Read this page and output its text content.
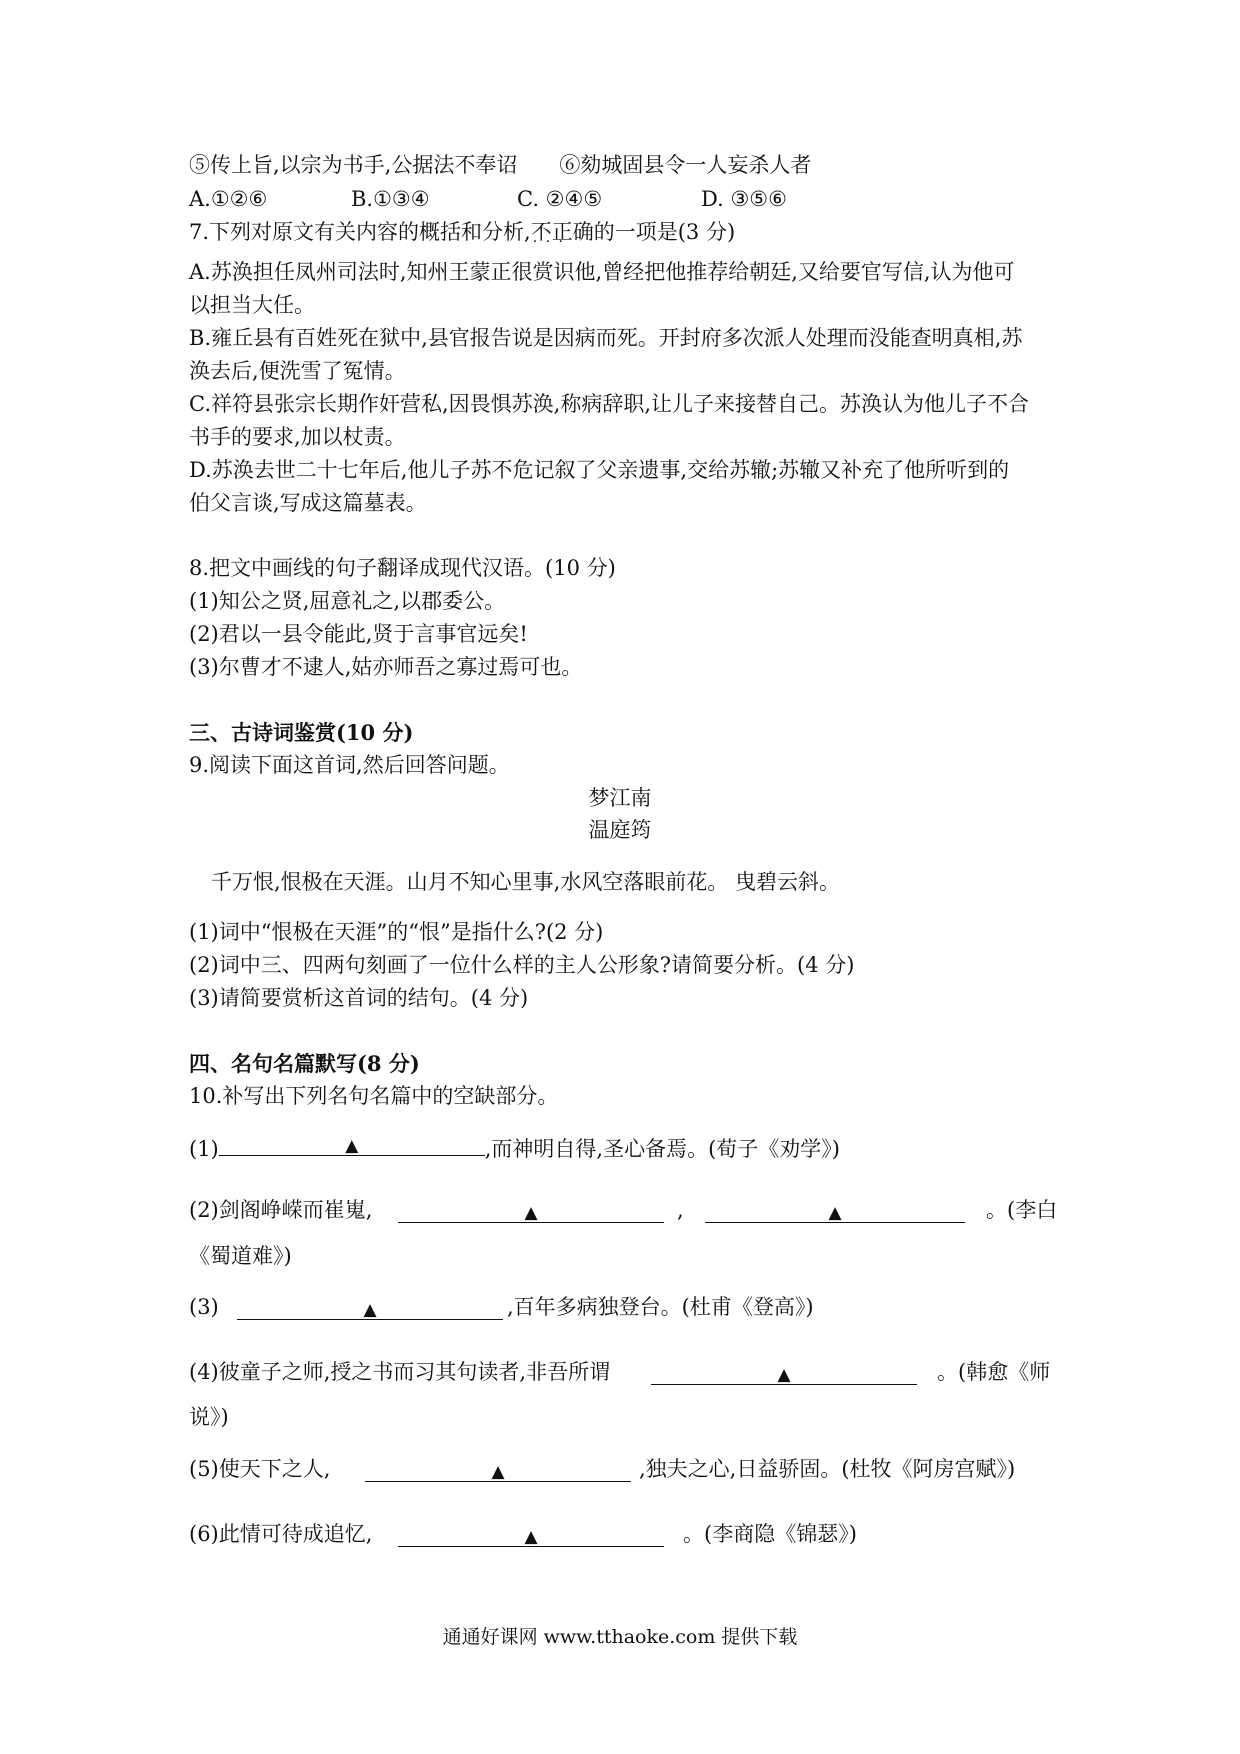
⑤传上旨,以宗为书手,公据法不奉诏　　⑥劾城固县令一人妄杀人者
A.①②⑥	B.①③④	C. ②④⑤	D. ③⑤⑥
7.下列对原文有关内容的概括和分析,不正确 · · ·的一项是(3 分)
A.苏涣担任凤州司法时,知州王蒙正很赏识他,曾经把他推荐给朝廷,又给要官写信,认为他可
以担当大任。
B.雍丘县有百姓死在狱中,县官报告说是因病而死。开封府多次派人处理而没能查明真相,苏
涣去后,便洗雪了冤情。
C.祥符县张宗长期作奸营私,因畏惧苏涣,称病辞职,让儿子来接替自己。苏涣认为他儿子不合
书手的要求,加以杖责。
D.苏涣去世二十七年后,他儿子苏不危记叙了父亲遗事,交给苏辙;苏辙又补充了他所听到的
伯父言谈,写成这篇墓表。
8.把文中画线的句子翻译成现代汉语。(10 分)
(1)知公之贤,屈意礼之,以郡委公。
(2)君以一县令能此,贤于言事官远矣!
(3)尔曹才不逮人,姑亦师吾之寡过焉可也。
三、古诗词鉴赏(10 分)
9.阅读下面这首词,然后回答问题。
梦江南
温庭筠
千万恨,恨极在天涯。山月不知心里事,水风空落眼前花。 曳碧云斜。
(1)词中“恨极在天涯”的“恨”是指什么?(2 分)
(2)词中三、四两句刻画了一位什么样的主人公形象?请简要分析。(4 分)
(3)请简要赏析这首词的结句。(4 分)
四、名句名篇默写(8 分)
10.补写出下列名句名篇中的空缺部分。
(1)	▲	,而神明自得,圣心备焉。(荀子《劝学》)
(2)剑阁峥嵘而崔嵬,	▲	,	▲	。(李白
《蜀道难》)
(3)	▲	,百年多病独登台。(杜甫《登高》)
(4)彼童子之师,授之书而习其句读者,非吾所谓	▲	。(韩愈《师
说》)
(5)使天下之人,	▲	,独夫之心,日益骄固。(杜牧《阿房宫赋》)
(6)此情可待成追忆,	▲	。(李商隐《锦瑟》)
通通好课网 www.tthaoke.com 提供下载
